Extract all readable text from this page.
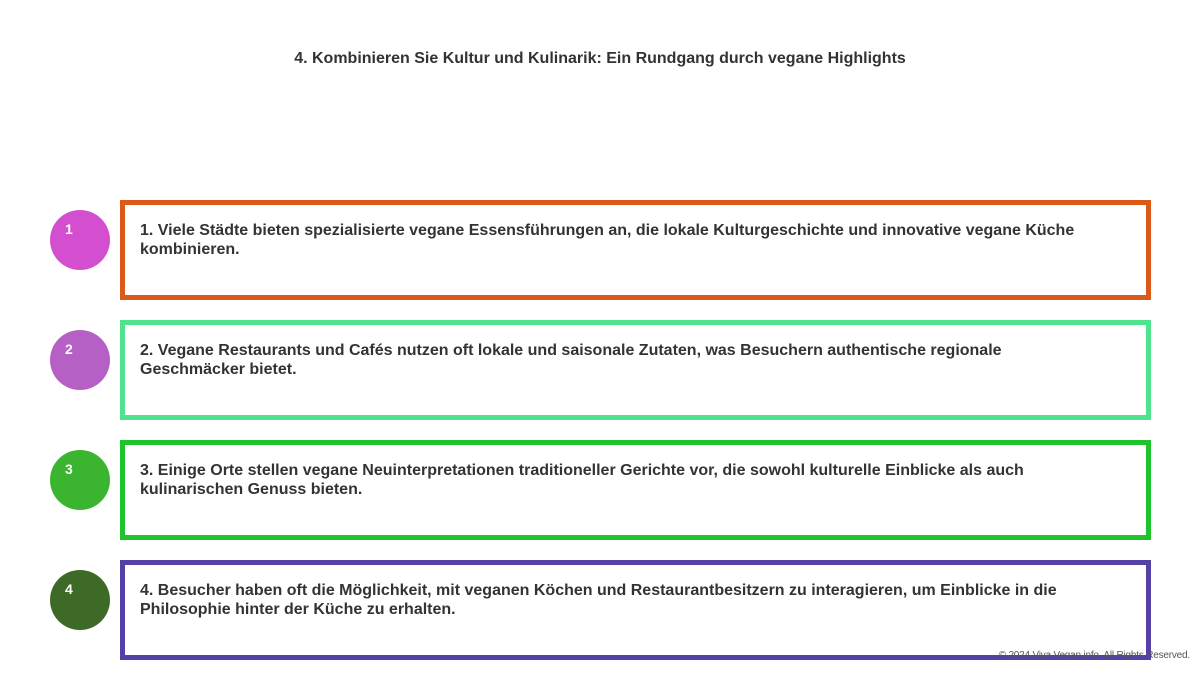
4. Kombinieren Sie Kultur und Kulinarik: Ein Rundgang durch vegane Highlights
1	1. Viele Städte bieten spezialisierte vegane Essensführungen an, die lokale Kulturgeschichte und innovative vegane Küche kombinieren.
2	2. Vegane Restaurants und Cafés nutzen oft lokale und saisonale Zutaten, was Besuchern authentische regionale Geschmäcker bietet.
3	3. Einige Orte stellen vegane Neuinterpretationen traditioneller Gerichte vor, die sowohl kulturelle Einblicke als auch kulinarischen Genuss bieten.
4	4. Besucher haben oft die Möglichkeit, mit veganen Köchen und Restaurantbesitzern zu interagieren, um Einblicke in die Philosophie hinter der Küche zu erhalten.
© 2024 Viva Vegan info. All Rights Reserved.
